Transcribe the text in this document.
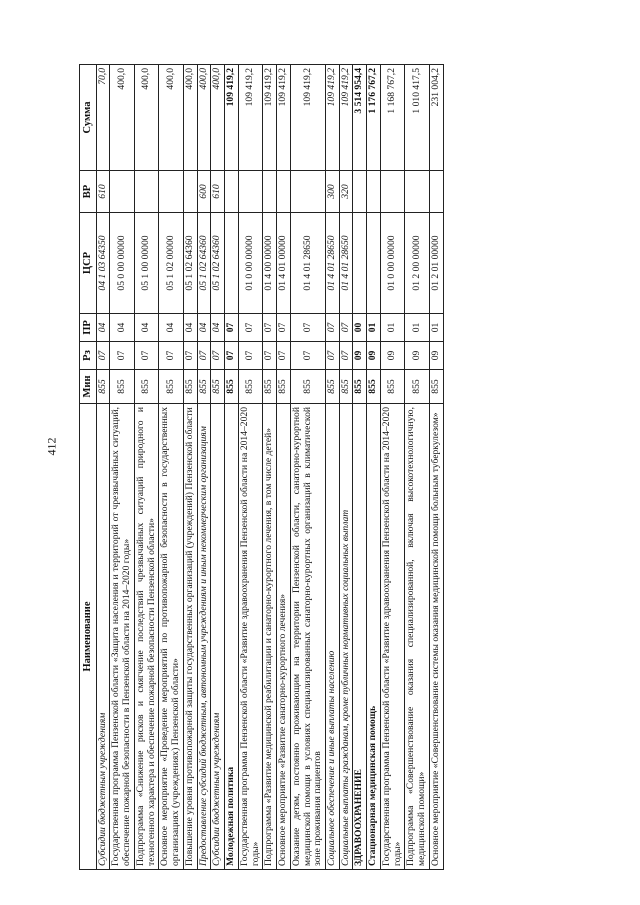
412
Наименование	Мин	Рз	ПР	ЦСР	ВР	Сумма
Субсидии бюджетным учреждениям	855	07	04	04 1 03 64350	610	70,0
Государственная программа Пензенской области «Защита населения и территорий от чрезвычайных ситуаций, обеспечение пожарной безопасности в Пензенской области на 2014–2020 годы»	855	07	04	05 0 00 00000		400,0
Подпрограмма «Снижение рисков и смягчение последствий чрезвычайных ситуаций природного и техногенного характера и обеспечение пожарной безопасности Пензенской области»	855	07	04	05 1 00 00000		400,0
Основное мероприятие «Проведение мероприятий по противопожарной безопасности в государственных организациях (учреждениях) Пензенской области»	855	07	04	05 1 02 00000		400,0
Повышение уровня противопожарной защиты государственных организаций (учреждений) Пензенской области	855	07	04	05 1 02 64360		400,0
Предоставление субсидий бюджетным, автономным учреждениям и иным некоммерческим организациям	855	07	04	05 1 02 64360	600	400,0
Субсидии бюджетным учреждениям	855	07	04	05 1 02 64360	610	400,0
Молодежная политика	855	07	07			109 419,2
Государственная программа Пензенской области «Развитие здравоохранения Пензенской области на 2014–2020 годы»	855	07	07	01 0 00 00000		109 419,2
Подпрограмма «Развитие медицинской реабилитации и санаторно-курортного лечения, в том числе детей»	855	07	07	01 4 00 00000		109 419,2
Основное мероприятие «Развитие санаторно-курортного лечения»	855	07	07	01 4 01 00000		109 419,2
Оказание детям, постоянно проживающим на территории Пензенской области, санаторно-курортной медицинской помощи в условиях специализированных санаторно-курортных организаций в климатической зоне проживания пациентов	855	07	07	01 4 01 28650		109 419,2
Социальное обеспечение и иные выплаты населению	855	07	07	01 4 01 28650	300	109 419,2
Социальные выплаты гражданам, кроме публичных нормативных социальных выплат	855	07	07	01 4 01 28650	320	109 419,2
ЗДРАВООХРАНЕНИЕ	855	09	00			3 514 954,4
Стационарная медицинская помощь	855	09	01			1 176 767,2
Государственная программа Пензенской области «Развитие здравоохранения Пензенской области на 2014–2020 годы»	855	09	01	01 0 00 00000		1 168 767,2
Подпрограмма «Совершенствование оказания специализированной, включая высокотехнологичную, медицинской помощи»	855	09	01	01 2 00 00000		1 010 417,5
Основное мероприятие «Совершенствование системы оказания медицинской помощи больным туберкулезом»	855	09	01	01 2 01 00000		231 004,2
